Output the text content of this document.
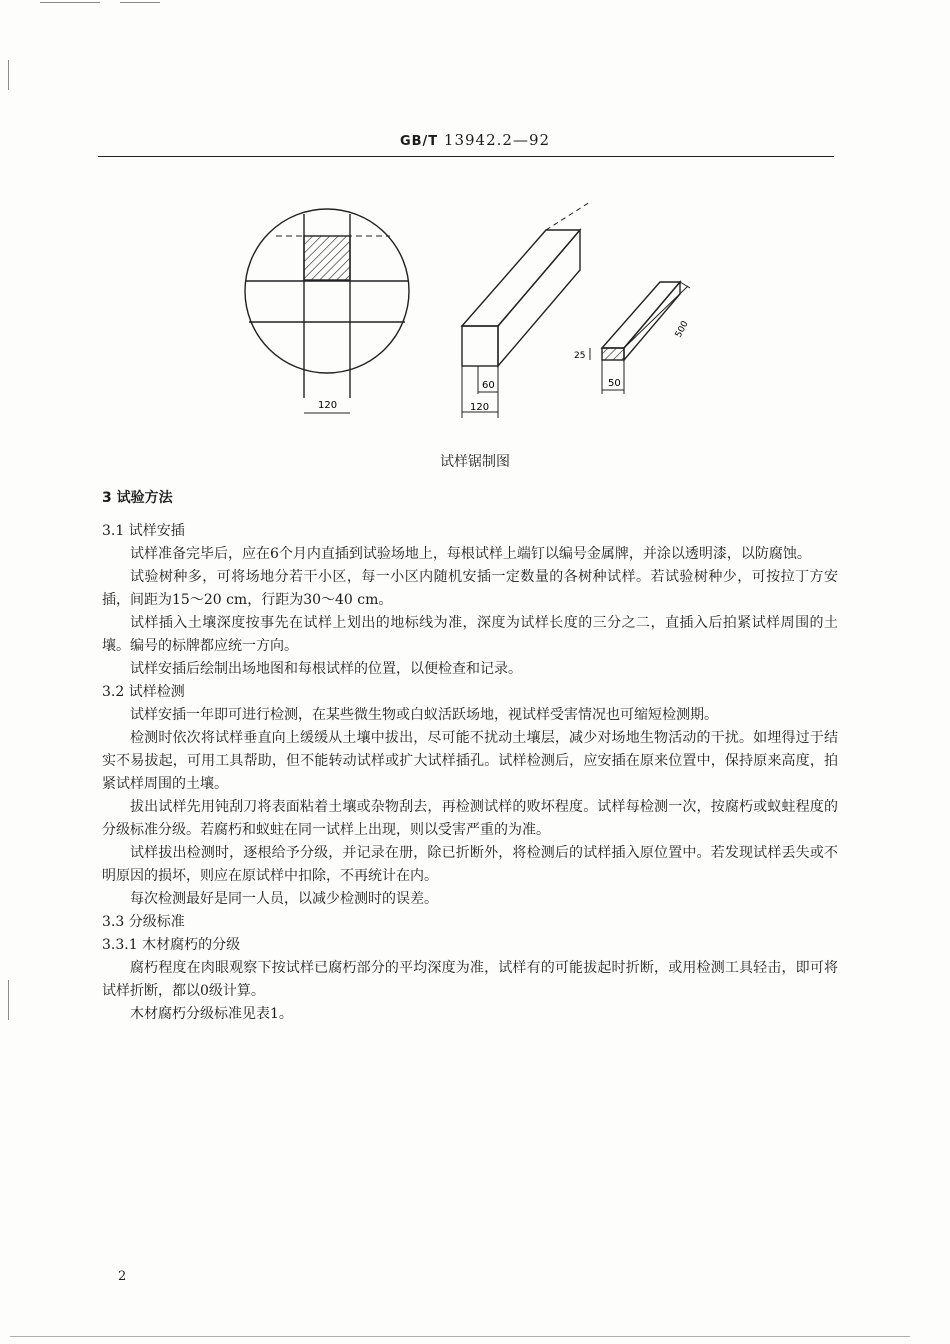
GB/T 13942.2—92
120
60
120
25
50
500
试样锯制图
3 试验方法
3.1 试样安插

试样准备完毕后，应在6个月内直插到试验场地上，每根试样上端钉以编号金属牌，并涂以透明漆，以防腐蚀。

试验树种多，可将场地分若干小区，每一小区内随机安插一定数量的各树种试样。若试验树种少，可按拉丁方安插，间距为15～20 cm，行距为30～40 cm。

试样插入土壤深度按事先在试样上划出的地标线为准，深度为试样长度的三分之二，直插入后拍紧试样周围的土壤。编号的标牌都应统一方向。

试样安插后绘制出场地图和每根试样的位置，以便检查和记录。

3.2 试样检测

试样安插一年即可进行检测，在某些微生物或白蚁活跃场地，视试样受害情况也可缩短检测期。

检测时依次将试样垂直向上缓缓从土壤中拔出，尽可能不扰动土壤层，减少对场地生物活动的干扰。如埋得过于结实不易拔起，可用工具帮助，但不能转动试样或扩大试样插孔。试样检测后，应安插在原来位置中，保持原来高度，拍紧试样周围的土壤。

拔出试样先用钝刮刀将表面粘着土壤或杂物刮去，再检测试样的败坏程度。试样每检测一次，按腐朽或蚁蛀程度的分级标准分级。若腐朽和蚁蛀在同一试样上出现，则以受害严重的为准。

试样拔出检测时，逐根给予分级，并记录在册，除已折断外，将检测后的试样插入原位置中。若发现试样丢失或不明原因的损坏，则应在原试样中扣除，不再统计在内。

每次检测最好是同一人员，以减少检测时的误差。

3.3 分级标准
3.3.1 木材腐朽的分级

腐朽程度在肉眼观察下按试样已腐朽部分的平均深度为准，试样有的可能拔起时折断，或用检测工具轻击，即可将试样折断，都以0级计算。

木材腐朽分级标准见表1。

2
